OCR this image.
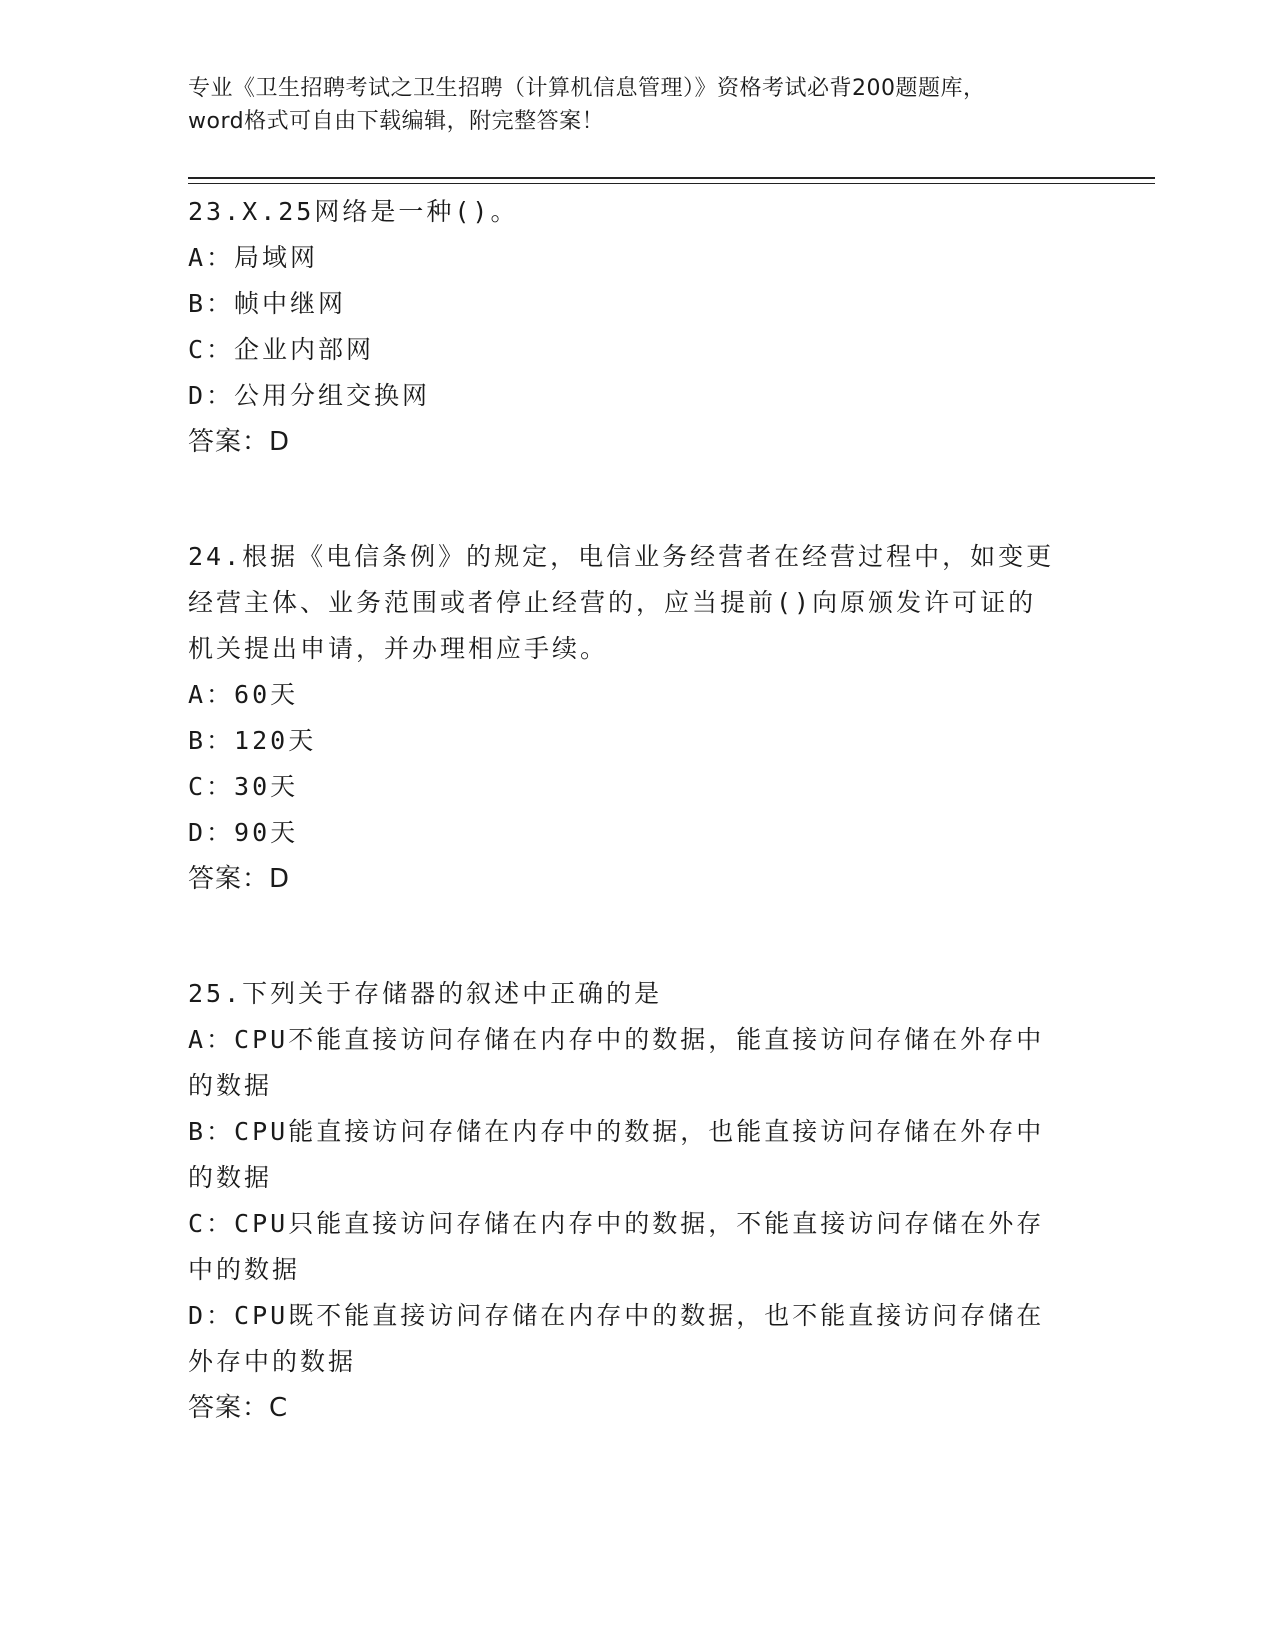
专业《卫生招聘考试之卫生招聘（计算机信息管理）》资格考试必背200题题库，
word格式可自由下载编辑，附完整答案！
23.X.25网络是一种()。
A：局域网
B：帧中继网
C：企业内部网
D：公用分组交换网
答案：D
24.根据《电信条例》的规定，电信业务经营者在经营过程中，如变更
经营主体、业务范围或者停止经营的，应当提前()向原颁发许可证的
机关提出申请，并办理相应手续。
A：60天
B：120天
C：30天
D：90天
答案：D
25.下列关于存储器的叙述中正确的是
A：CPU不能直接访问存储在内存中的数据，能直接访问存储在外存中
的数据
B：CPU能直接访问存储在内存中的数据，也能直接访问存储在外存中
的数据
C：CPU只能直接访问存储在内存中的数据，不能直接访问存储在外存
中的数据
D：CPU既不能直接访问存储在内存中的数据，也不能直接访问存储在
外存中的数据
答案：C
